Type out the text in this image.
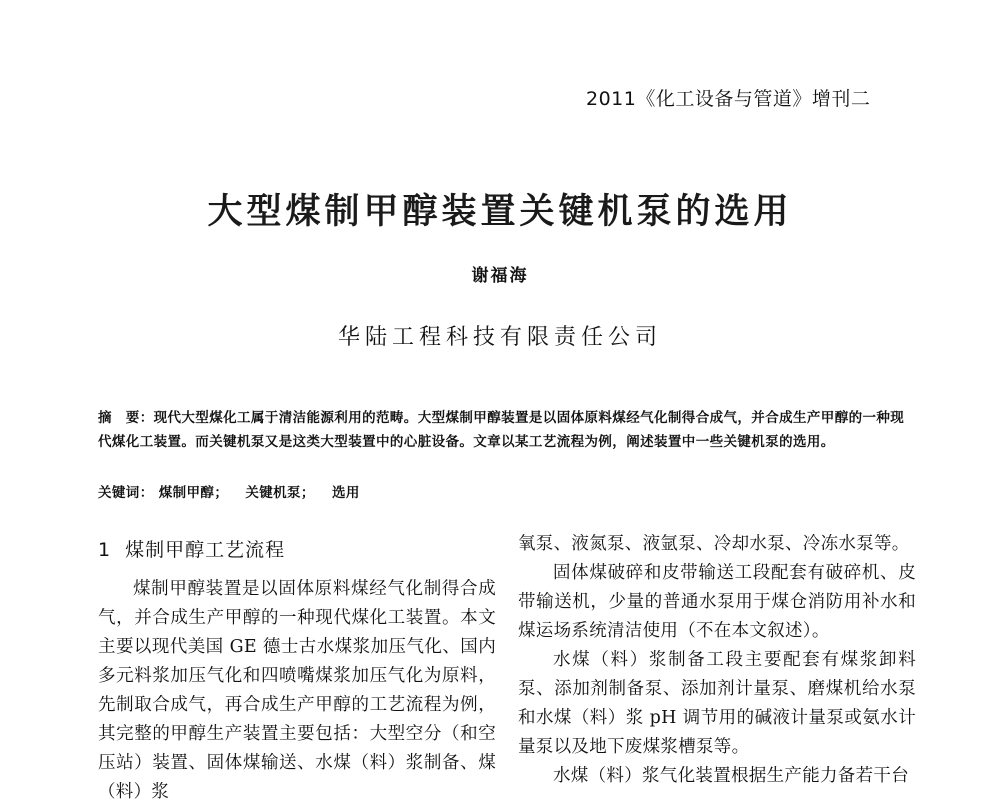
2011《化工设备与管道》增刊二
大型煤制甲醇装置关键机泵的选用
谢福海
华陆工程科技有限责任公司
摘　要：现代大型煤化工属于清洁能源利用的范畴。大型煤制甲醇装置是以固体原料煤经气化制得合成气，并合成生产甲醇的一种现代煤化工装置。而关键机泵又是这类大型装置中的心脏设备。文章以某工艺流程为例，阐述装置中一些关键机泵的选用。
关键词： 煤制甲醇； 关键机泵； 选用
1 煤制甲醇工艺流程

煤制甲醇装置是以固体原料煤经气化制得合成气，并合成生产甲醇的一种现代煤化工装置。本文主要以现代美国 GE 德士古水煤浆加压气化、国内多元料浆加压气化和四喷嘴煤浆加压气化为原料，先制取合成气，再合成生产甲醇的工艺流程为例，其完整的甲醇生产装置主要包括：大型空分（和空压站）装置、固体煤输送、水煤（料）浆制备、煤（料）浆

氧泵、液氮泵、液氩泵、冷却水泵、冷冻水泵等。

固体煤破碎和皮带输送工段配套有破碎机、皮带输送机，少量的普通水泵用于煤仓消防用补水和煤运场系统清洁使用（不在本文叙述）。

水煤（料）浆制备工段主要配套有煤浆卸料泵、添加剂制备泵、添加剂计量泵、磨煤机给水泵和水煤（料）浆 pH 调节用的碱液计量泵或氨水计量泵以及地下废煤浆槽泵等。

水煤（料）浆气化装置根据生产能力备若干台
